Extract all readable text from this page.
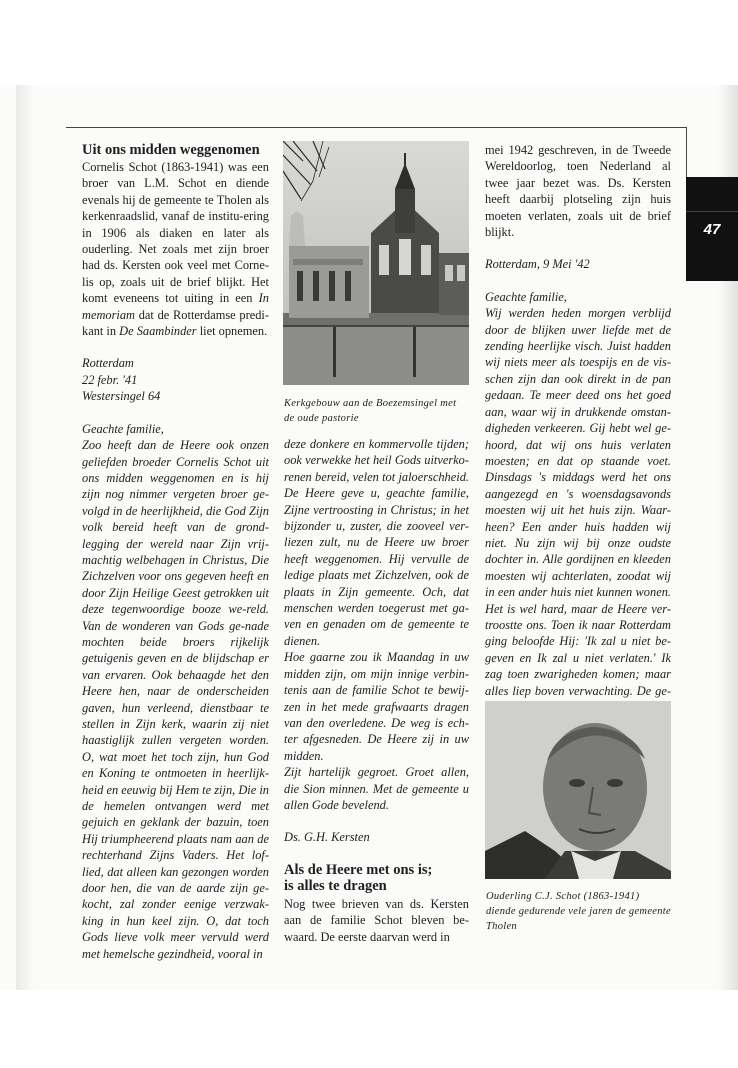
47
Uit ons midden weggenomen

Cornelis Schot (1863-1941) was een broer van L.M. Schot en diende evenals hij de gemeente te Tholen als kerkenraadslid, vanaf de institu-ering in 1906 als diaken en later als ouderling. Net zoals met zijn broer had ds. Kersten ook veel met Corne-lis op, zoals uit de brief blijkt. Het komt eveneens tot uiting in een In memoriam dat de Rotterdamse predi-kant in De Saambinder liet opnemen.

Rotterdam

22 febr. '41

Westersingel 64

Geachte familie,

Zoo heeft dan de Heere ook onzen geliefden broeder Cornelis Schot uit ons midden weggenomen en is hij zijn nog nimmer vergeten broer ge-volgd in de heerlijkheid, die God Zijn volk bereid heeft van de grond-legging der wereld naar Zijn vrij-machtig welbehagen in Christus, Die Zichzelven voor ons gegeven heeft en door Zijn Heilige Geest getrokken uit deze tegenwoordige booze we-reld. Van de wonderen van Gods ge-nade mochten beide broers rijkelijk getuigenis geven en de blijdschap er van ervaren. Ook behaagde het den Heere hen, naar de onderscheiden gaven, hun verleend, dienstbaar te stellen in Zijn kerk, waarin zij niet haastiglijk zullen vergeten worden. O, wat moet het toch zijn, hun God en Koning te ontmoeten in heerlijk-heid en eeuwig bij Hem te zijn, Die in de hemelen ontvangen werd met gejuich en geklank der bazuin, toen Hij triumpheerend plaats nam aan de rechterhand Zijns Vaders. Het lof-lied, dat alleen kan gezongen worden door hen, die van de aarde zijn ge-kocht, zal zonder eenige verzwak-king in hun keel zijn. O, dat toch Gods lieve volk meer vervuld werd met hemelsche gezindheid, vooral in

Kerkgebouw aan de Boezemsingel met de oude pastorie

deze donkere en kommervolle tijden; ook verwekke het heil Gods uitverko-renen bereid, velen tot jaloerschheid. De Heere geve u, geachte familie, Zijne vertroosting in Christus; in het bijzonder u, zuster, die zooveel ver-liezen zult, nu de Heere uw broer heeft weggenomen. Hij vervulle de ledige plaats met Zichzelven, ook de plaats in Zijn gemeente. Och, dat menschen werden toegerust met ga-ven en genaden om de gemeente te dienen.

Hoe gaarne zou ik Maandag in uw midden zijn, om mijn innige verbin-tenis aan de familie Schot te bewij-zen in het mede grafwaarts dragen van den overledene. De weg is ech-ter afgesneden. De Heere zij in uw midden.

Zijt hartelijk gegroet. Groet allen, die Sion minnen. Met de gemeente u allen Gode bevelend.

Ds. G.H. Kersten

Als de Heere met ons is;
is alles te dragen

Nog twee brieven van ds. Kersten aan de familie Schot bleven be-waard. De eerste daarvan werd in

mei 1942 geschreven, in de Tweede Wereldoorlog, toen Nederland al twee jaar bezet was. Ds. Kersten heeft daarbij plotseling zijn huis moeten verlaten, zoals uit de brief blijkt.

Rotterdam, 9 Mei '42

Geachte familie,

Wij werden heden morgen verblijd door de blijken uwer liefde met de zending heerlijke visch. Juist hadden wij niets meer als toespijs en de vis-schen zijn dan ook direkt in de pan gedaan. Te meer deed ons het goed aan, waar wij in drukkende omstan-digheden verkeeren. Gij hebt wel ge-hoord, dat wij ons huis verlaten moesten; en dat op staande voet. Dinsdags 's middags werd het ons aangezegd en 's woensdagsavonds moesten wij uit het huis zijn. Waar-heen? Een ander huis hadden wij niet. Nu zijn wij bij onze oudste dochter in. Alle gordijnen en kleeden moesten wij achterlaten, zoodat wij in een ander huis niet kunnen wonen. Het is wel hard, maar de Heere ver-troostte ons. Toen ik naar Rotterdam ging beloofde Hij: 'Ik zal u niet be-geven en Ik zal u niet verlaten.' Ik zag toen zwarigheden komen; maar alles liep boven verwachting. De ge-

Ouderling C.J. Schot (1863-1941) diende gedurende vele jaren de gemeente Tholen
